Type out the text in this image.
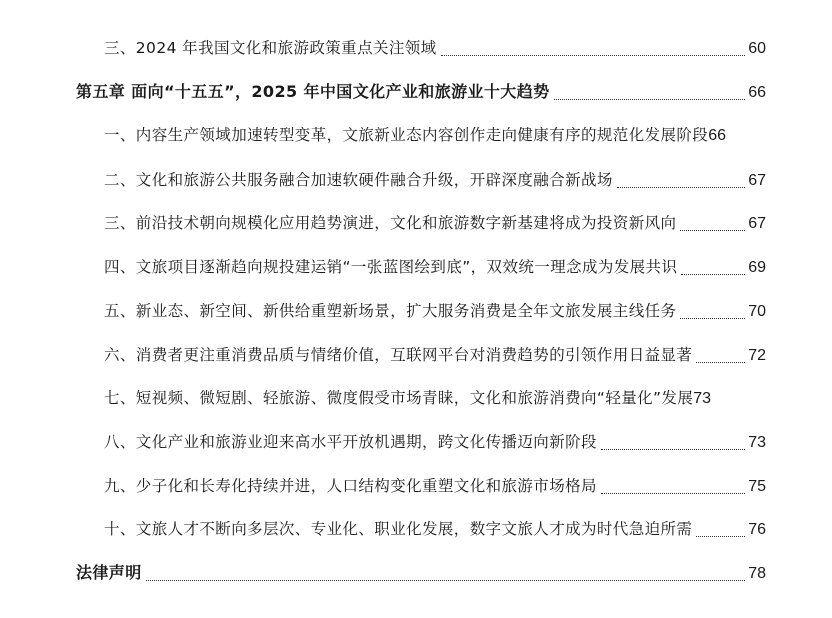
三、2024 年我国文化和旅游政策重点关注领域	60
第五章 面向“十五五”，2025 年中国文化产业和旅游业十大趋势	66
一、内容生产领域加速转型变革，文旅新业态内容创作走向健康有序的规范化发展阶段 66
二、文化和旅游公共服务融合加速软硬件融合升级，开辟深度融合新战场	67
三、前沿技术朝向规模化应用趋势演进，文化和旅游数字新基建将成为投资新风向	67
四、文旅项目逐渐趋向规投建运销“一张蓝图绘到底”，双效统一理念成为发展共识	69
五、新业态、新空间、新供给重塑新场景，扩大服务消费是全年文旅发展主线任务	70
六、消费者更注重消费品质与情绪价值，互联网平台对消费趋势的引领作用日益显著	72
七、短视频、微短剧、轻旅游、微度假受市场青睐，文化和旅游消费向“轻量化”发展 73
八、文化产业和旅游业迎来高水平开放机遇期，跨文化传播迈向新阶段	73
九、少子化和长寿化持续并进，人口结构变化重塑文化和旅游市场格局	75
十、文旅人才不断向多层次、专业化、职业化发展，数字文旅人才成为时代急迫所需	76
法律声明	78
